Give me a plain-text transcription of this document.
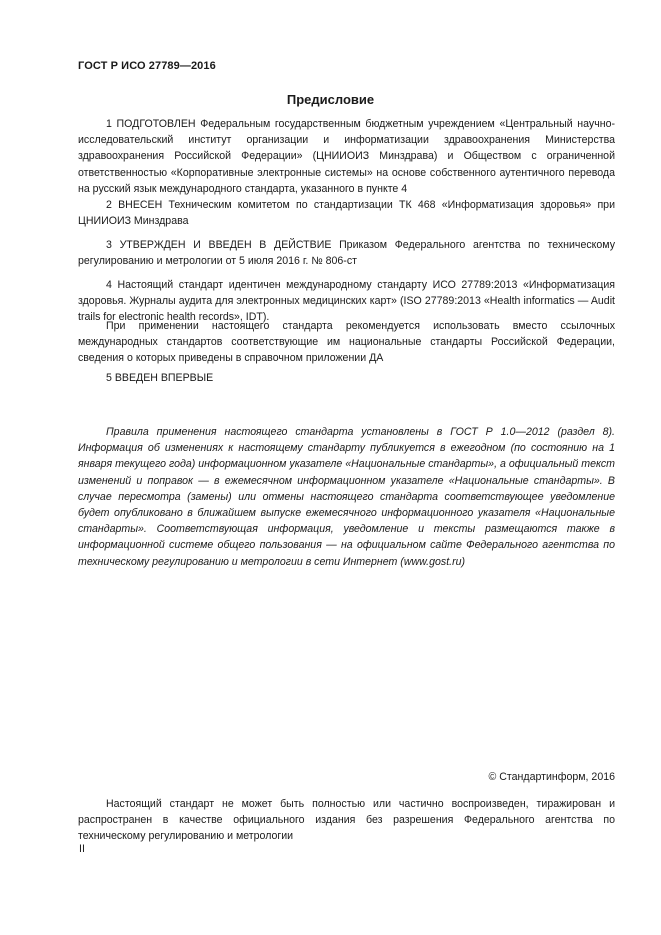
ГОСТ Р ИСО 27789—2016
Предисловие

1 ПОДГОТОВЛЕН Федеральным государственным бюджетным учреждением «Центральный научно-исследовательский институт организации и информатизации здравоохранения Министерства здравоохранения Российской Федерации» (ЦНИИОИЗ Минздрава) и Обществом с ограниченной ответственностью «Корпоративные электронные системы» на основе собственного аутентичного перевода на русский язык международного стандарта, указанного в пункте 4

2 ВНЕСЕН Техническим комитетом по стандартизации ТК 468 «Информатизация здоровья» при ЦНИИОИЗ Минздрава

3 УТВЕРЖДЕН И ВВЕДЕН В ДЕЙСТВИЕ Приказом Федерального агентства по техническому регулированию и метрологии от 5 июля 2016 г. № 806-ст

4 Настоящий стандарт идентичен международному стандарту ИСО 27789:2013 «Информатизация здоровья. Журналы аудита для электронных медицинских карт» (ISO 27789:2013 «Health informatics — Audit trails for electronic health records», IDT).

При применении настоящего стандарта рекомендуется использовать вместо ссылочных международных стандартов соответствующие им национальные стандарты Российской Федерации, сведения о которых приведены в справочном приложении ДА

5 ВВЕДЕН ВПЕРВЫЕ

Правила применения настоящего стандарта установлены в ГОСТ Р 1.0—2012 (раздел 8). Информация об изменениях к настоящему стандарту публикуется в ежегодном (по состоянию на 1 января текущего года) информационном указателе «Национальные стандарты», а официальный текст изменений и поправок — в ежемесячном информационном указателе «Национальные стандарты». В случае пересмотра (замены) или отмены настоящего стандарта соответствующее уведомление будет опубликовано в ближайшем выпуске ежемесячного информационного указателя «Национальные стандарты». Соответствующая информация, уведомление и тексты размещаются также в информационной системе общего пользования — на официальном сайте Федерального агентства по техническому регулированию и метрологии в сети Интернет (www.gost.ru)

© Стандартинформ, 2016

Настоящий стандарт не может быть полностью или частично воспроизведен, тиражирован и распространен в качестве официального издания без разрешения Федерального агентства по техническому регулированию и метрологии

II
